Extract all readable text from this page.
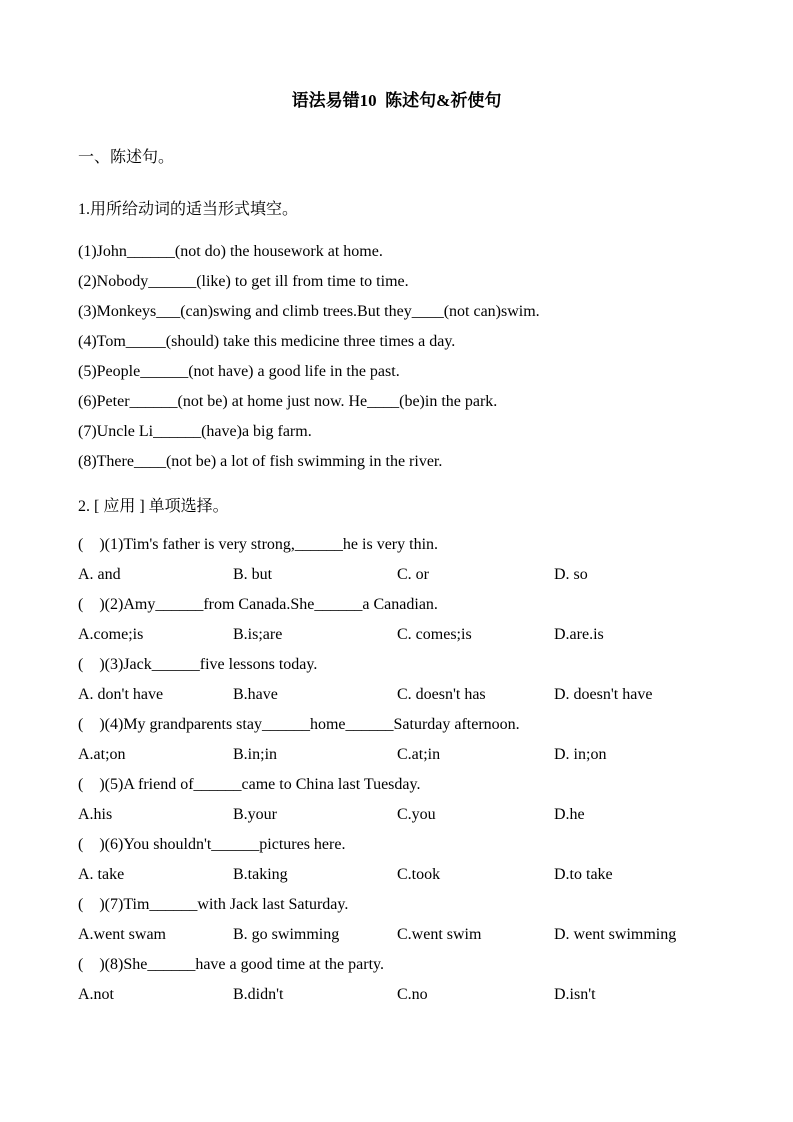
语法易错10  陈述句&祈使句
一、陈述句。
1.用所给动词的适当形式填空。
(1)John______(not do) the housework at home.
(2)Nobody______(like) to get ill from time to time.
(3)Monkeys___(can)swing and climb trees.But they____(not can)swim.
(4)Tom_____(should) take this medicine three times a day.
(5)People______(not have) a good life in the past.
(6)Peter______(not be) at home just now. He____(be)in the park.
(7)Uncle Li______(have)a big farm.
(8)There____(not be) a lot of fish swimming in the river.
2. [ 应用 ] 单项选择。
(    )(1)Tim's father is very strong,______he is very thin.
A. and	B. but	C. or	D. so
(    )(2)Amy______from Canada.She______a Canadian.
A.come;is	B.is;are	C. comes;is	D.are.is
(    )(3)Jack______five lessons today.
A. don't have	B.have	C. doesn't has	D. doesn't have
(    )(4)My grandparents stay______home______Saturday afternoon.
A.at;on	B.in;in	C.at;in	D. in;on
(    )(5)A friend of______came to China last Tuesday.
A.his	B.your	C.you	D.he
(    )(6)You shouldn't______pictures here.
A. take	B.taking	C.took	D.to take
(    )(7)Tim______with Jack last Saturday.
A.went swam	B. go swimming	C.went swim	D. went swimming
(    )(8)She______have a good time at the party.
A.not	B.didn't	C.no	D.isn't
